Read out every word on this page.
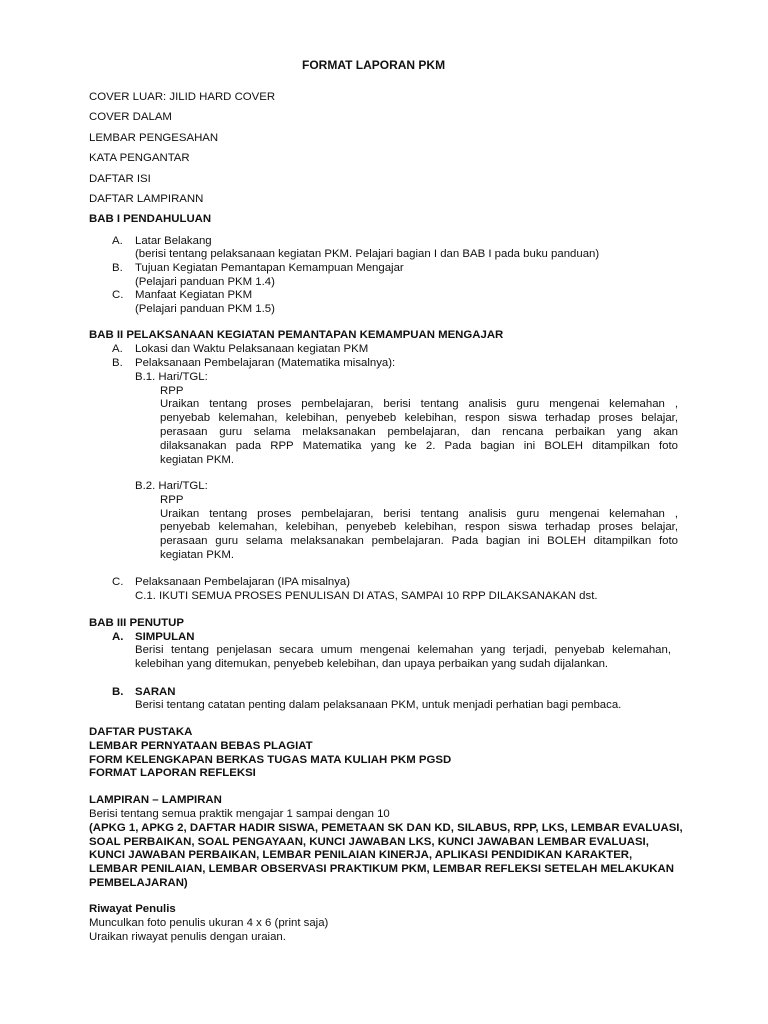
FORMAT LAPORAN PKM
COVER LUAR: JILID HARD COVER
COVER DALAM
LEMBAR PENGESAHAN
KATA PENGANTAR
DAFTAR ISI
DAFTAR LAMPIRANN
BAB I PENDAHULUAN
A. Latar Belakang
(berisi tentang pelaksanaan kegiatan PKM. Pelajari bagian I dan BAB I pada buku panduan)
B. Tujuan Kegiatan Pemantapan Kemampuan Mengajar
(Pelajari panduan PKM 1.4)
C. Manfaat Kegiatan PKM
(Pelajari panduan PKM 1.5)
BAB II PELAKSANAAN KEGIATAN PEMANTAPAN KEMAMPUAN MENGAJAR
A. Lokasi dan Waktu Pelaksanaan kegiatan PKM
B. Pelaksanaan Pembelajaran (Matematika misalnya):
B.1. Hari/TGL:
RPP
Uraikan tentang proses pembelajaran, berisi tentang analisis guru mengenai kelemahan ,
penyebab kelemahan, kelebihan, penyebeb kelebihan, respon siswa terhadap proses belajar,
perasaan guru selama melaksanakan pembelajaran, dan rencana perbaikan yang akan
dilaksanakan pada RPP Matematika yang ke 2. Pada bagian ini BOLEH ditampilkan foto
kegiatan PKM.
B.2. Hari/TGL:
RPP
Uraikan tentang proses pembelajaran, berisi tentang analisis guru mengenai kelemahan ,
penyebab kelemahan, kelebihan, penyebeb kelebihan, respon siswa terhadap proses belajar,
perasaan guru selama melaksanakan pembelajaran. Pada bagian ini BOLEH ditampilkan foto
kegiatan PKM.
C. Pelaksanaan Pembelajaran (IPA misalnya)
C.1. IKUTI SEMUA PROSES PENULISAN DI ATAS, SAMPAI 10 RPP DILAKSANAKAN dst.
BAB III PENUTUP
A. SIMPULAN
Berisi tentang penjelasan secara umum mengenai kelemahan yang terjadi, penyebab kelemahan,
kelebihan yang ditemukan, penyebeb kelebihan, dan upaya perbaikan yang sudah dijalankan.
B. SARAN
Berisi tentang catatan penting dalam pelaksanaan PKM, untuk menjadi perhatian bagi pembaca.
DAFTAR PUSTAKA
LEMBAR PERNYATAAN BEBAS PLAGIAT
FORM KELENGKAPAN BERKAS TUGAS MATA KULIAH PKM PGSD
FORMAT LAPORAN REFLEKSI
LAMPIRAN – LAMPIRAN
Berisi tentang semua praktik mengajar 1 sampai dengan 10
(APKG 1, APKG 2, DAFTAR HADIR SISWA, PEMETAAN SK DAN KD, SILABUS, RPP, LKS, LEMBAR EVALUASI,
SOAL PERBAIKAN, SOAL PENGAYAAN, KUNCI JAWABAN LKS, KUNCI JAWABAN LEMBAR EVALUASI,
KUNCI JAWABAN PERBAIKAN, LEMBAR PENILAIAN KINERJA, APLIKASI PENDIDIKAN KARAKTER,
LEMBAR PENILAIAN, LEMBAR OBSERVASI PRAKTIKUM PKM, LEMBAR REFLEKSI SETELAH MELAKUKAN
PEMBELAJARAN)
Riwayat Penulis
Munculkan foto penulis ukuran 4 x 6 (print saja)
Uraikan riwayat penulis dengan uraian.
